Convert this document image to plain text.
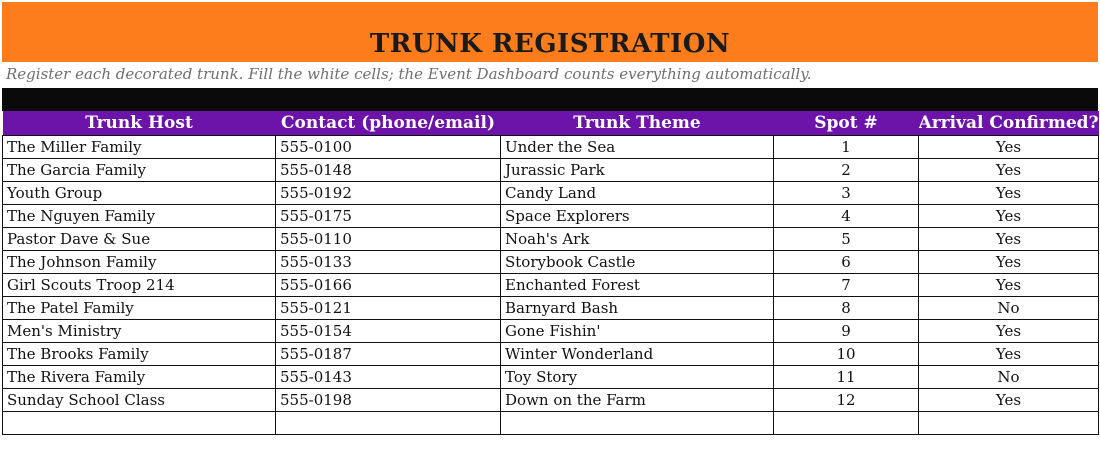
TRUNK REGISTRATION
Register each decorated trunk. Fill the white cells; the Event Dashboard counts everything automatically.
Trunk Host	Contact (phone/email)	Trunk Theme	Spot #	Arrival Confirmed?
The Miller Family	555-0100	Under the Sea	1	Yes
The Garcia Family	555-0148	Jurassic Park	2	Yes
Youth Group	555-0192	Candy Land	3	Yes
The Nguyen Family	555-0175	Space Explorers	4	Yes
Pastor Dave & Sue	555-0110	Noah's Ark	5	Yes
The Johnson Family	555-0133	Storybook Castle	6	Yes
Girl Scouts Troop 214	555-0166	Enchanted Forest	7	Yes
The Patel Family	555-0121	Barnyard Bash	8	No
Men's Ministry	555-0154	Gone Fishin'	9	Yes
The Brooks Family	555-0187	Winter Wonderland	10	Yes
The Rivera Family	555-0143	Toy Story	11	No
Sunday School Class	555-0198	Down on the Farm	12	Yes
